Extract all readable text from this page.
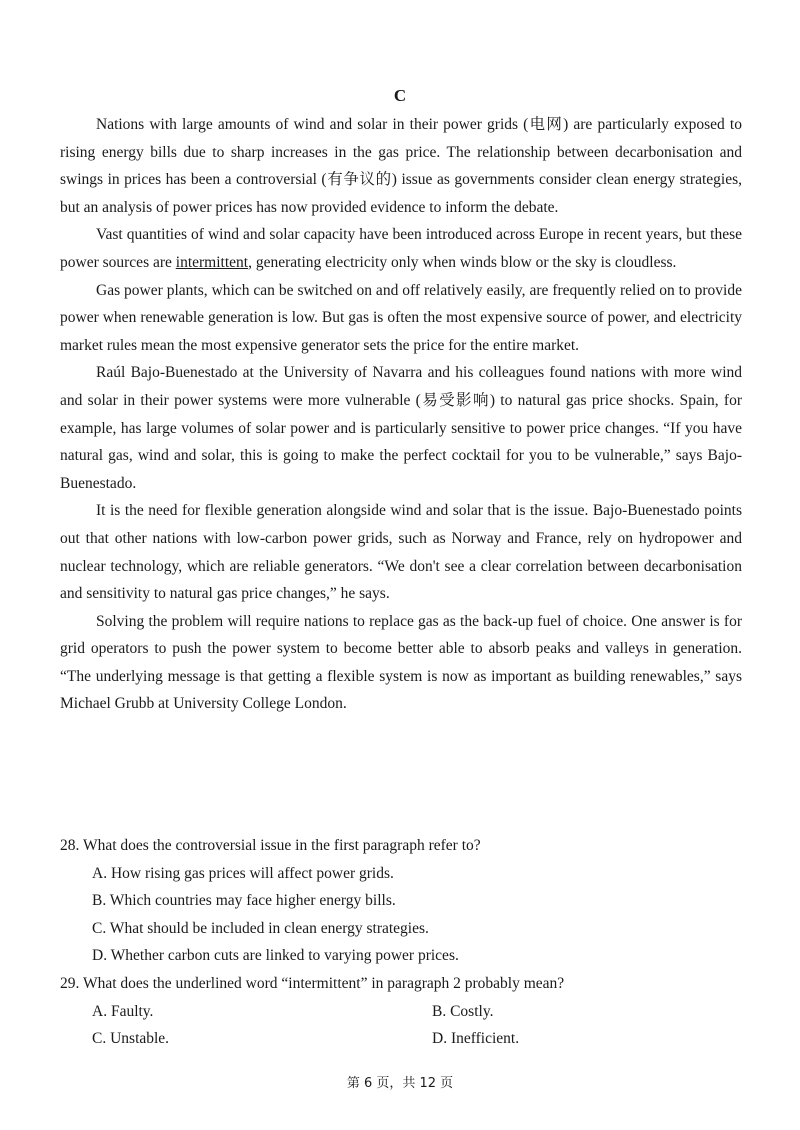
C

Nations with large amounts of wind and solar in their power grids (电网) are particularly exposed to rising energy bills due to sharp increases in the gas price. The relationship between decarbonisation and swings in prices has been a controversial (有争议的) issue as governments consider clean energy strategies, but an analysis of power prices has now provided evidence to inform the debate.

Vast quantities of wind and solar capacity have been introduced across Europe in recent years, but these power sources are intermittent, generating electricity only when winds blow or the sky is cloudless.

Gas power plants, which can be switched on and off relatively easily, are frequently relied on to provide power when renewable generation is low. But gas is often the most expensive source of power, and electricity market rules mean the most expensive generator sets the price for the entire market.

Raúl Bajo-Buenestado at the University of Navarra and his colleagues found nations with more wind and solar in their power systems were more vulnerable (易受影响) to natural gas price shocks. Spain, for example, has large volumes of solar power and is particularly sensitive to power price changes. “If you have natural gas, wind and solar, this is going to make the perfect cocktail for you to be vulnerable,” says Bajo-Buenestado.

It is the need for flexible generation alongside wind and solar that is the issue. Bajo-Buenestado points out that other nations with low-carbon power grids, such as Norway and France, rely on hydropower and nuclear technology, which are reliable generators. “We don't see a clear correlation between decarbonisation and sensitivity to natural gas price changes,” he says.

Solving the problem will require nations to replace gas as the back-up fuel of choice. One answer is for grid operators to push the power system to become better able to absorb peaks and valleys in generation. “The underlying message is that getting a flexible system is now as important as building renewables,” says Michael Grubb at University College London.

28. What does the controversial issue in the first paragraph refer to?

A. How rising gas prices will affect power grids.

B. Which countries may face higher energy bills.

C. What should be included in clean energy strategies.

D. Whether carbon cuts are linked to varying power prices.

29. What does the underlined word “intermittent” in paragraph 2 probably mean?

A. Faulty.	B. Costly.
C. Unstable.	D. Inefficient.
第 6 页，共 12 页
